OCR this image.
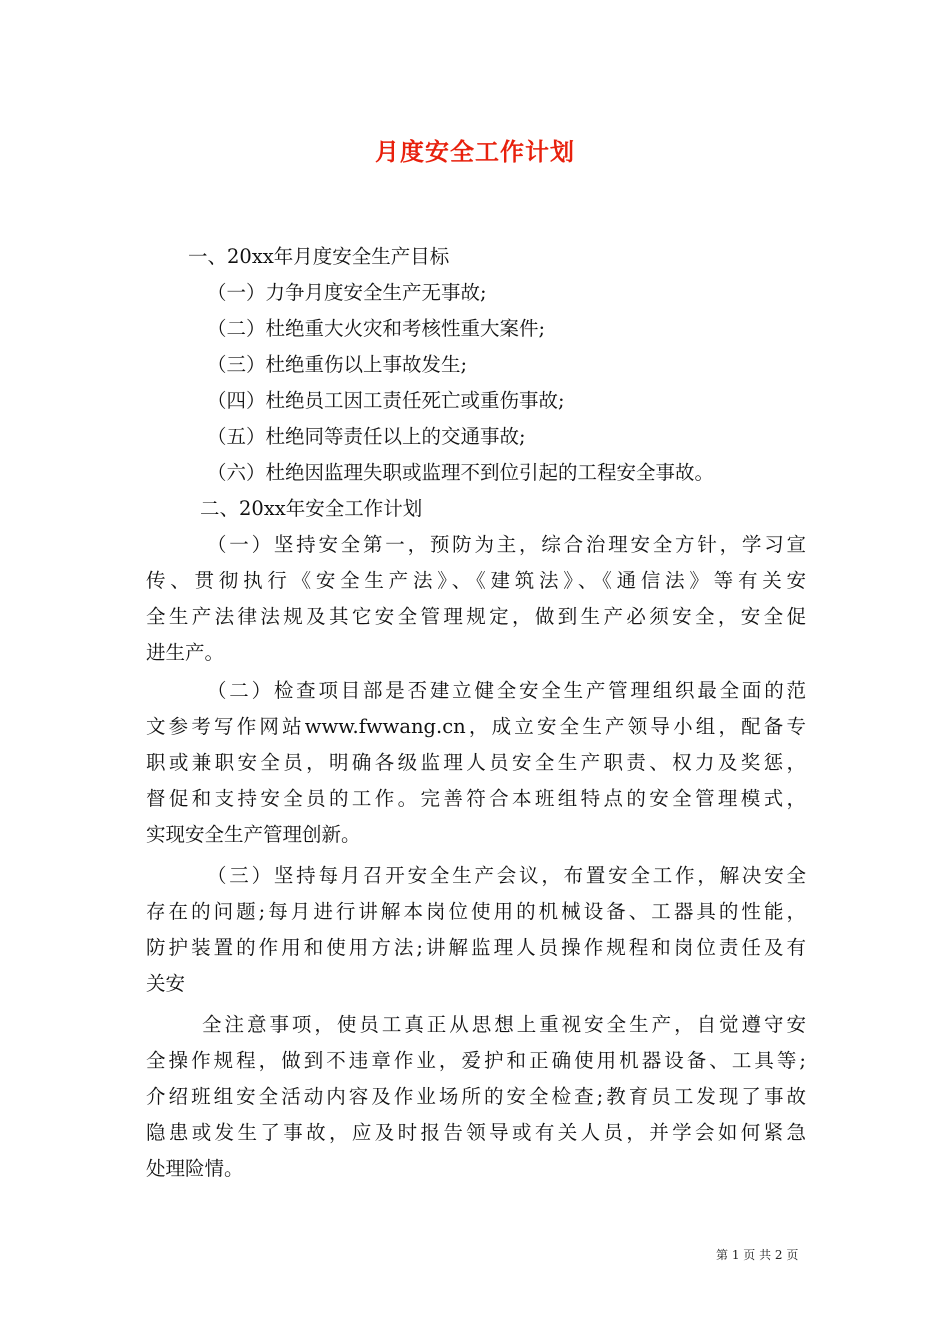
月度安全工作计划
一、20xx年月度安全生产目标
（一）力争月度安全生产无事故;
（二）杜绝重大火灾和考核性重大案件;
（三）杜绝重伤以上事故发生;
（四）杜绝员工因工责任死亡或重伤事故;
（五）杜绝同等责任以上的交通事故;
（六）杜绝因监理失职或监理不到位引起的工程安全事故。
二、20xx年安全工作计划
（一）坚持安全第一，预防为主，综合治理安全方针，学习宣
传、贯彻执行《安全生产法》、《建筑法》、《通信法》等有关安
全生产法律法规及其它安全管理规定，做到生产必须安全，安全促
进生产。
（二）检查项目部是否建立健全安全生产管理组织最全面的范
文参考写作网站www.fwwang.cn，成立安全生产领导小组，配备专
职或兼职安全员，明确各级监理人员安全生产职责、权力及奖惩，
督促和支持安全员的工作。完善符合本班组特点的安全管理模式，
实现安全生产管理创新。
（三）坚持每月召开安全生产会议，布置安全工作，解决安全
存在的问题;每月进行讲解本岗位使用的机械设备、工器具的性能，
防护装置的作用和使用方法;讲解监理人员操作规程和岗位责任及有
关安
全注意事项，使员工真正从思想上重视安全生产，自觉遵守安
全操作规程，做到不违章作业，爱护和正确使用机器设备、工具等;
介绍班组安全活动内容及作业场所的安全检查;教育员工发现了事故
隐患或发生了事故，应及时报告领导或有关人员，并学会如何紧急
处理险情。
第 1 页 共 2 页
